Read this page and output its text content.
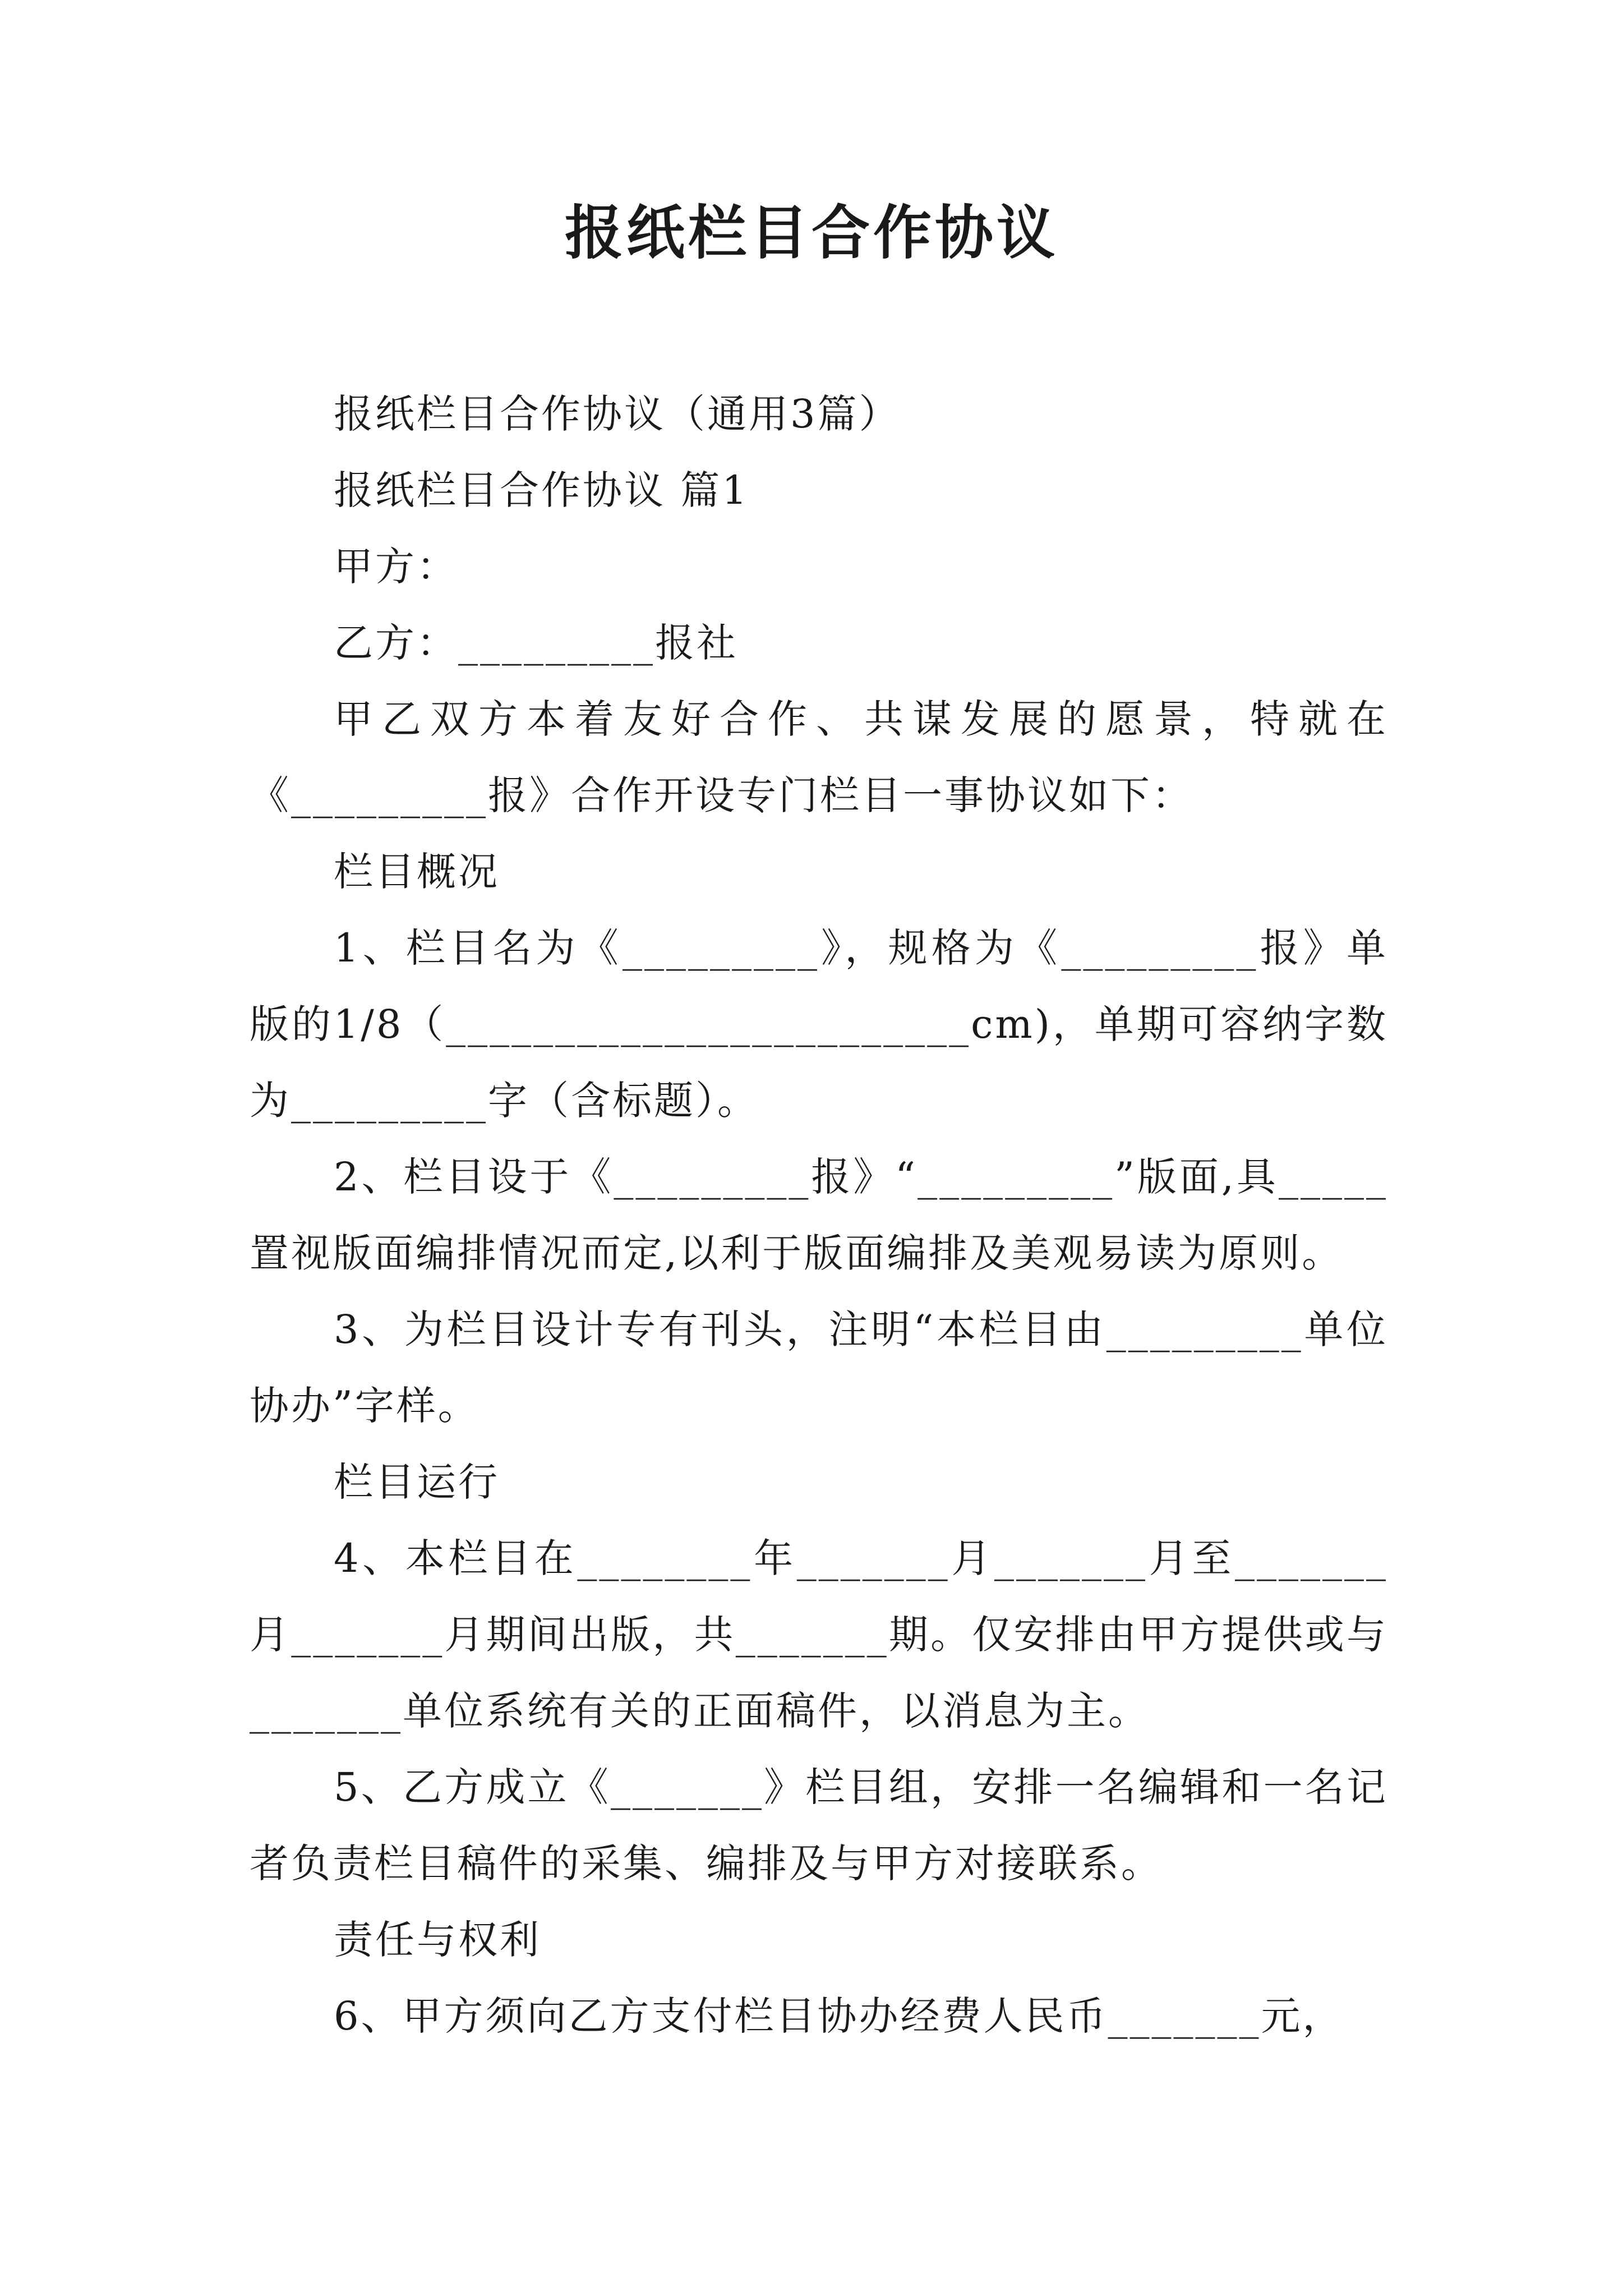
报纸栏目合作协议

报纸栏目合作协议（通用3篇）

报纸栏目合作协议 篇1

甲方：

乙方：_________报社

甲乙双方本着友好合作、共谋发展的愿景，特就在《_________报》合作开设专门栏目一事协议如下：

栏目概况

1、栏目名为《_________》，规格为《_________报》单版的1/8（________________________cm)，单期可容纳字数为_________字（含标题）。

2、栏目设于《_________报》“_________”版面,具_____置视版面编排情况而定,以利于版面编排及美观易读为原则。

3、为栏目设计专有刊头，注明“本栏目由_________单位协办”字样。

栏目运行

4、本栏目在________年_______月_______月至_______月_______月期间出版，共_______期。仅安排由甲方提供或与_______单位系统有关的正面稿件，以消息为主。

5、乙方成立《_______》栏目组，安排一名编辑和一名记者负责栏目稿件的采集、编排及与甲方对接联系。

责任与权利

6、甲方须向乙方支付栏目协办经费人民币_______元，
